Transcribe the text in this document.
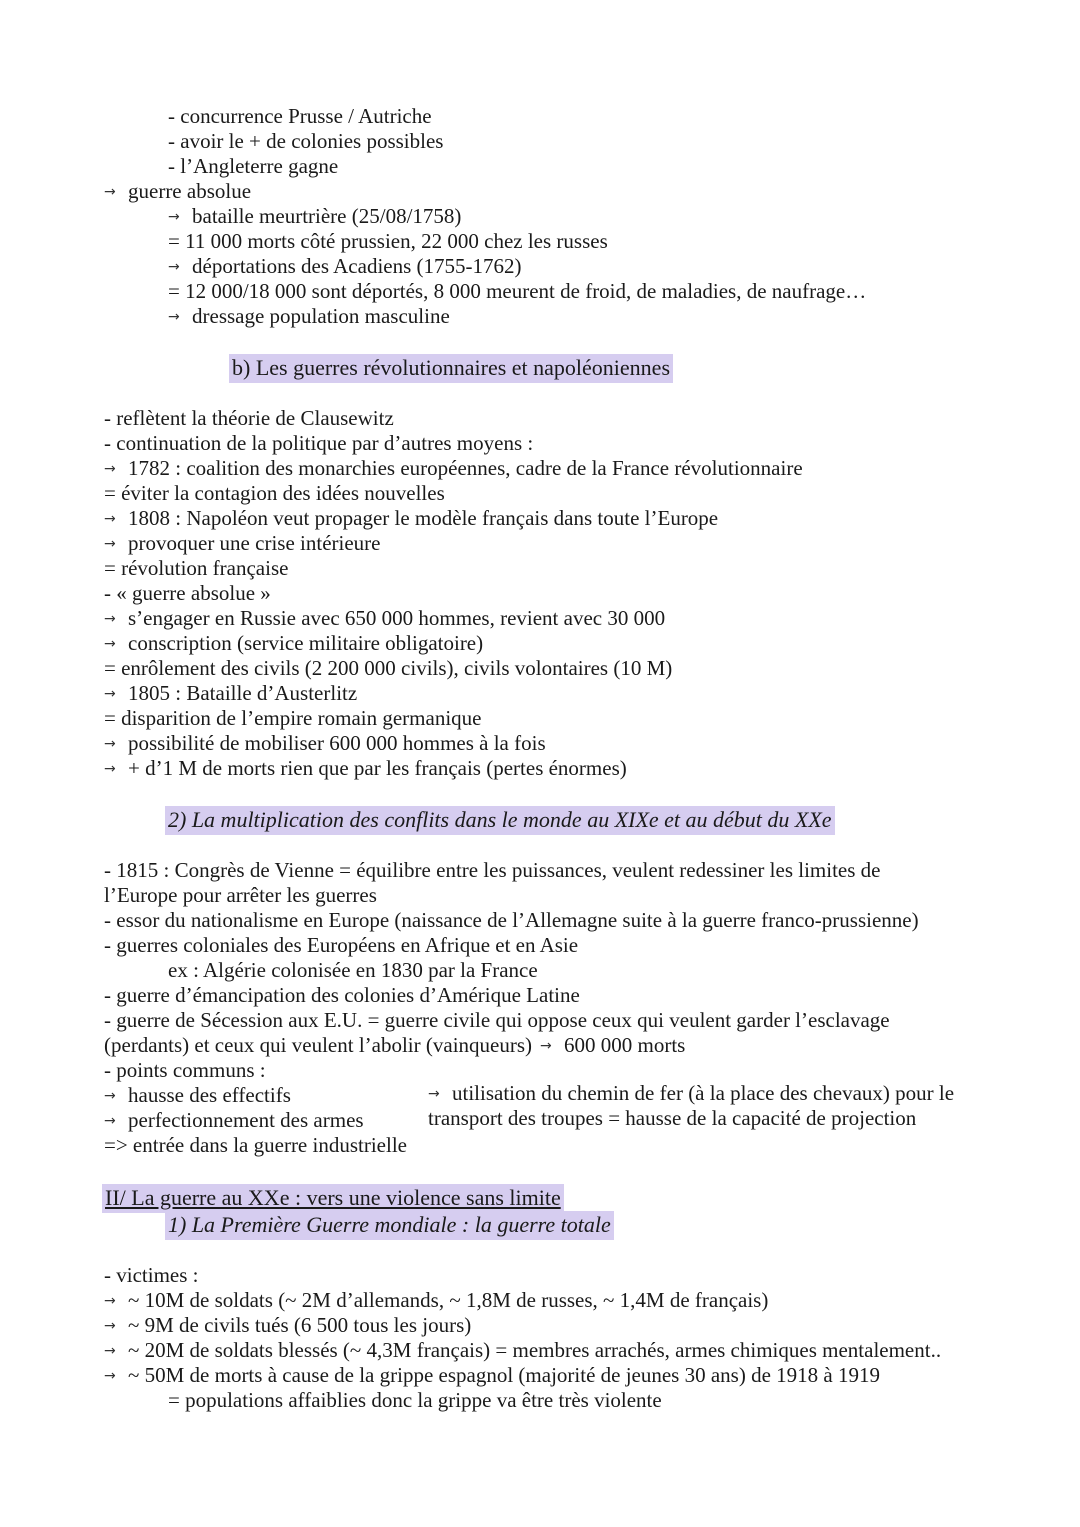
- concurrence Prusse / Autriche
- avoir le + de colonies possibles
- l’Angleterre gagne
→ guerre absolue
→ bataille meurtrière (25/08/1758)
= 11 000 morts côté prussien, 22 000 chez les russes
→ déportations des Acadiens (1755-1762)
= 12 000/18 000 sont déportés, 8 000 meurent de froid, de maladies, de naufrage…
→ dressage population masculine
b) Les guerres révolutionnaires et napoléoniennes
- reflètent la théorie de Clausewitz
- continuation de la politique par d’autres moyens :
→ 1782 : coalition des monarchies européennes, cadre de la France révolutionnaire
= éviter la contagion des idées nouvelles
→ 1808 : Napoléon veut propager le modèle français dans toute l’Europe
→ provoquer une crise intérieure
= révolution française
- « guerre absolue »
→ s’engager en Russie avec 650 000 hommes, revient avec 30 000
→ conscription (service militaire obligatoire)
= enrôlement des civils (2 200 000 civils), civils volontaires (10 M)
→ 1805 : Bataille d’Austerlitz
= disparition de l’empire romain germanique
→ possibilité de mobiliser 600 000 hommes à la fois
→ + d’1 M de morts rien que par les français (pertes énormes)
2) La multiplication des conflits dans le monde au XIXe et au début du XXe
- 1815 : Congrès de Vienne = équilibre entre les puissances, veulent redessiner les limites de
l’Europe pour arrêter les guerres
- essor du nationalisme en Europe (naissance de l’Allemagne suite à la guerre franco-prussienne)
- guerres coloniales des Européens en Afrique et en Asie
ex : Algérie colonisée en 1830 par la France
- guerre d’émancipation des colonies d’Amérique Latine
- guerre de Sécession aux E.U. = guerre civile qui oppose ceux qui veulent garder l’esclavage
(perdants) et ceux qui veulent l’abolir (vainqueurs) → 600 000 morts
- points communs :
→ hausse des effectifs
→ perfectionnement des armes
=> entrée dans la guerre industrielle
→ utilisation du chemin de fer (à la place des chevaux) pour le
transport des troupes = hausse de la capacité de projection
II/ La guerre au XXe : vers une violence sans limite
1) La Première Guerre mondiale : la guerre totale
- victimes :
→ ~ 10M de soldats (~ 2M d’allemands, ~ 1,8M de russes, ~ 1,4M de français)
→ ~ 9M de civils tués (6 500 tous les jours)
→ ~ 20M de soldats blessés (~ 4,3M français) = membres arrachés, armes chimiques mentalement..
→ ~ 50M de morts à cause de la grippe espagnol (majorité de jeunes 30 ans) de 1918 à 1919
= populations affaiblies donc la grippe va être très violente
